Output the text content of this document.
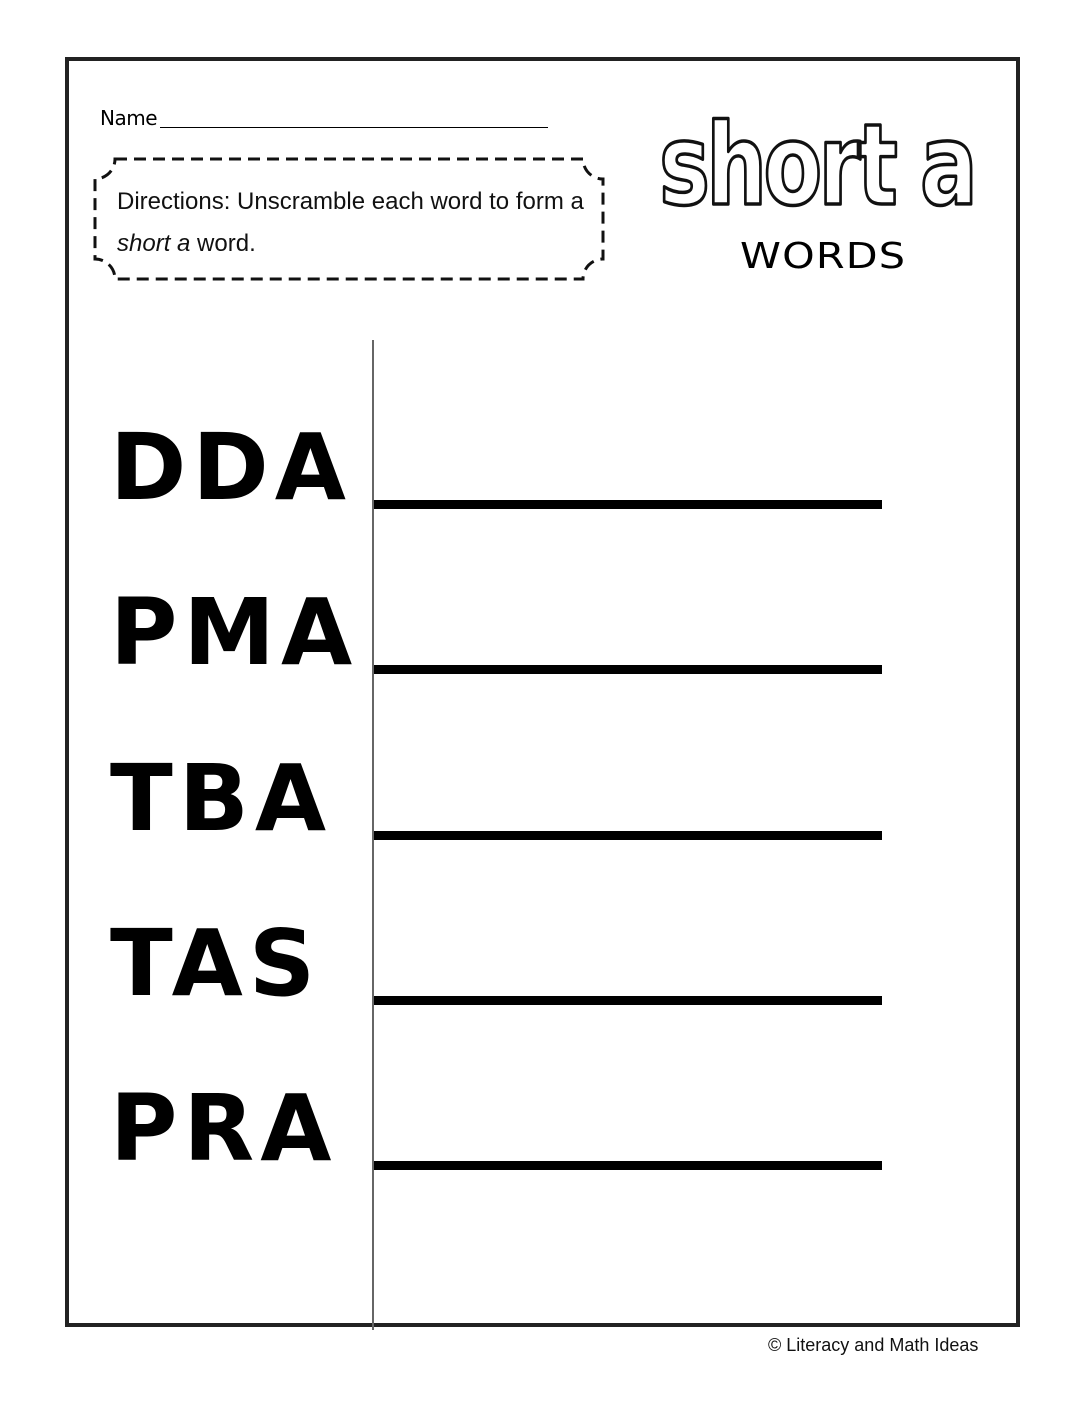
Name
Directions: Unscramble each word to form a short a word.
short a
WORDS
DDA
PMA
TBA
TAS
PRA
© Literacy and Math Ideas
